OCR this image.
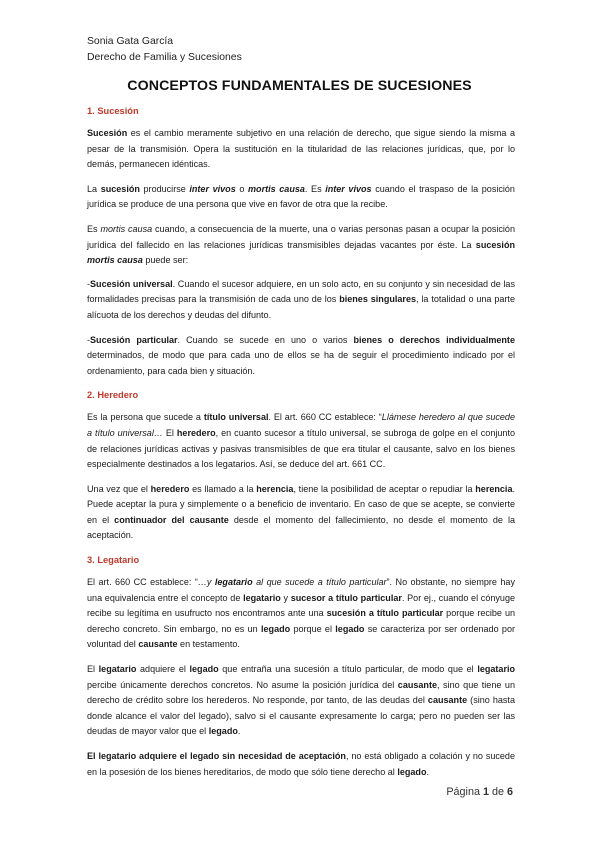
Sonia Gata García
Derecho de Familia y Sucesiones
CONCEPTOS FUNDAMENTALES DE SUCESIONES
1. Sucesión

Sucesión es el cambio meramente subjetivo en una relación de derecho, que sigue siendo la misma a pesar de la transmisión. Opera la sustitución en la titularidad de las relaciones jurídicas, que, por lo demás, permanecen idénticas.

La sucesión producirse inter vivos o mortis causa. Es inter vivos cuando el traspaso de la posición jurídica se produce de una persona que vive en favor de otra que la recibe.

Es mortis causa cuando, a consecuencia de la muerte, una o varias personas pasan a ocupar la posición jurídica del fallecido en las relaciones jurídicas transmisibles dejadas vacantes por éste. La sucesión mortis causa puede ser:

-Sucesión universal. Cuando el sucesor adquiere, en un solo acto, en su conjunto y sin necesidad de las formalidades precisas para la transmisión de cada uno de los bienes singulares, la totalidad o una parte alícuota de los derechos y deudas del difunto.

-Sucesión particular. Cuando se sucede en uno o varios bienes o derechos individualmente determinados, de modo que para cada uno de ellos se ha de seguir el procedimiento indicado por el ordenamiento, para cada bien y situación.

2. Heredero

Es la persona que sucede a título universal. El art. 660 CC establece: “Llámese heredero al que sucede a título universal… El heredero, en cuanto sucesor a título universal, se subroga de golpe en el conjunto de relaciones jurídicas activas y pasivas transmisibles de que era titular el causante, salvo en los bienes especialmente destinados a los legatarios. Así, se deduce del art. 661 CC.

Una vez que el heredero es llamado a la herencia, tiene la posibilidad de aceptar o repudiar la herencia. Puede aceptar la pura y simplemente o a beneficio de inventario. En caso de que se acepte, se convierte en el continuador del causante desde el momento del fallecimiento, no desde el momento de la aceptación.

3. Legatario

El art. 660 CC establece: “…y legatario al que sucede a título particular”. No obstante, no siempre hay una equivalencia entre el concepto de legatario y sucesor a título particular. Por ej., cuando el cónyuge recibe su legítima en usufructo nos encontramos ante una sucesión a título particular porque recibe un derecho concreto. Sin embargo, no es un legado porque el legado se caracteriza por ser ordenado por voluntad del causante en testamento.

El legatario adquiere el legado que entraña una sucesión a título particular, de modo que el legatario percibe únicamente derechos concretos. No asume la posición jurídica del causante, sino que tiene un derecho de crédito sobre los herederos. No responde, por tanto, de las deudas del causante (sino hasta donde alcance el valor del legado), salvo si el causante expresamente lo carga; pero no pueden ser las deudas de mayor valor que el legado.

El legatario adquiere el legado sin necesidad de aceptación, no está obligado a colación y no sucede en la posesión de los bienes hereditarios, de modo que sólo tiene derecho al legado.

Página 1 de 6
